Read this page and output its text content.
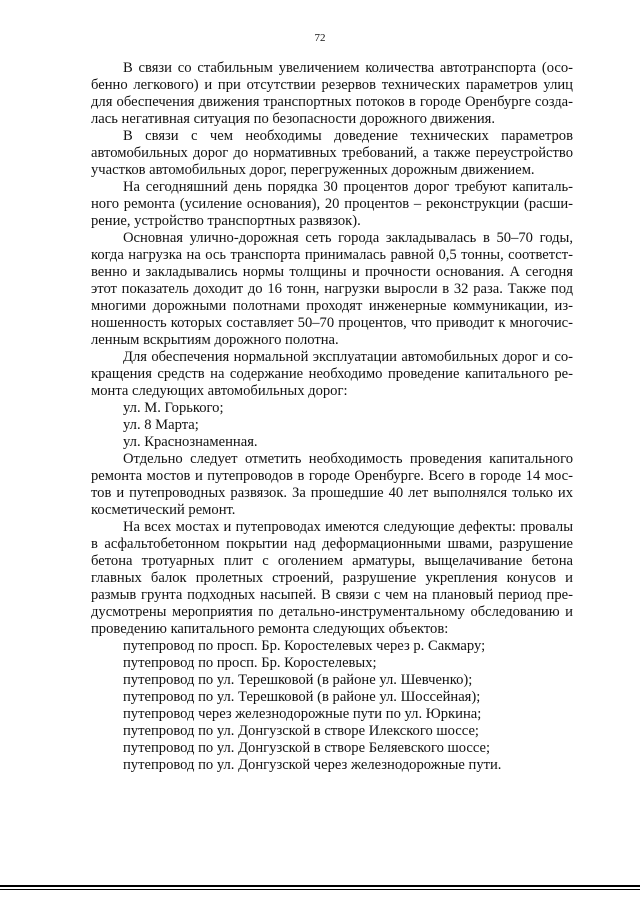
72

В связи со стабильным увеличением количества автотранспорта (осо-
бенно легкового) и при отсутствии резервов технических параметров улиц
для обеспечения движения транспортных потоков в городе Оренбурге созда-
лась негативная ситуация по безопасности дорожного движения.

В связи с чем необходимы доведение технических параметров
автомобильных дорог до нормативных требований, а также переустройство
участков автомобильных дорог, перегруженных дорожным движением.

На сегодняшний день порядка 30 процентов дорог требуют капиталь-
ного ремонта (усиление основания), 20 процентов – реконструкции (расши-
рение, устройство транспортных развязок).

Основная улично-дорожная сеть города закладывалась в 50–70 годы,
когда нагрузка на ось транспорта принималась равной 0,5 тонны, соответст-
венно и закладывались нормы толщины и прочности основания. А сегодня
этот показатель доходит до 16 тонн, нагрузки выросли в 32 раза. Также под
многими дорожными полотнами проходят инженерные коммуникации, из-
ношенность которых составляет 50–70 процентов, что приводит к многочис-
ленным вскрытиям дорожного полотна.

Для обеспечения нормальной эксплуатации автомобильных дорог и со-
кращения средств на содержание необходимо проведение капитального ре-
монта следующих автомобильных дорог:

ул. М. Горького;
ул. 8 Марта;
ул. Краснознаменная.

Отдельно следует отметить необходимость проведения капитального
ремонта мостов и путепроводов в городе Оренбурге. Всего в городе 14 мос-
тов и путепроводных развязок. За прошедшие 40 лет выполнялся только их
косметический ремонт.

На всех мостах и путепроводах имеются следующие дефекты: провалы
в асфальтобетонном покрытии над деформационными швами, разрушение
бетона тротуарных плит с оголением арматуры, выщелачивание бетона
главных балок пролетных строений, разрушение укрепления конусов и
размыв грунта подходных насыпей. В связи с чем на плановый период пре-
дусмотрены мероприятия по детально-инструментальному обследованию и
проведению капитального ремонта следующих объектов:

путепровод по просп. Бр. Коростелевых через р. Сакмару;
путепровод по просп. Бр. Коростелевых;
путепровод по ул. Терешковой (в районе ул. Шевченко);
путепровод по ул. Терешковой (в районе ул. Шоссейная);
путепровод через железнодорожные пути по ул. Юркина;
путепровод по ул. Донгузской в створе Илекского шоссе;
путепровод по ул. Донгузской в створе Беляевского шоссе;
путепровод по ул. Донгузской через железнодорожные пути.
